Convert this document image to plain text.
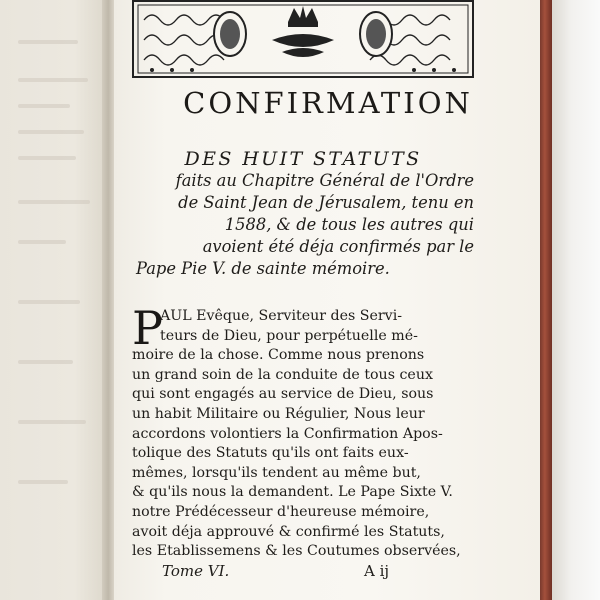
CONFIRMATION
DES HUIT STATUTS
faits au Chapitre Général de l'Ordre
de Saint Jean de Jérusalem, tenu en
1588, & de tous les autres qui
avoient été déja confirmés par le
Pape Pie V. de sainte mémoire.
P
AUL Evêque, Serviteur des Servi-
teurs de Dieu, pour perpétuelle mé-
moire de la chose. Comme nous prenons
un grand soin de la conduite de tous ceux
qui sont engagés au service de Dieu, sous
un habit Militaire ou Régulier, Nous leur
accordons volontiers la Confirmation Apos-
tolique des Statuts qu'ils ont faits eux-
mêmes, lorsqu'ils tendent au même but,
& qu'ils nous la demandent. Le Pape Sixte V.
notre Prédécesseur d'heureuse mémoire,
avoit déja approuvé & confirmé les Statuts,
les Etablissemens & les Coutumes observées,
Tome VI.	A ij
